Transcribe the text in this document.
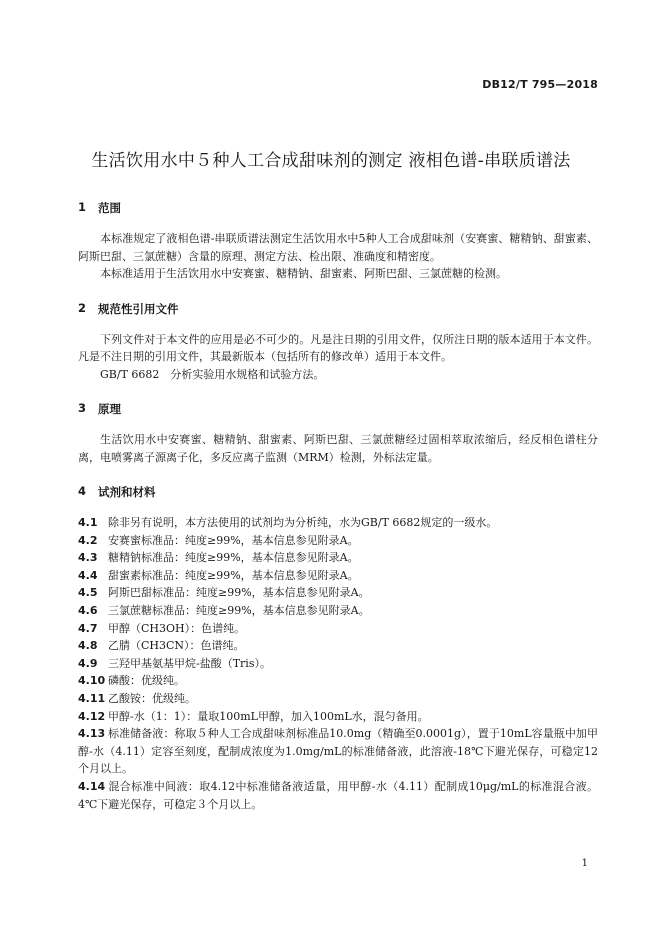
DB12/T 795—2018
生活饮用水中５种人工合成甜味剂的测定 液相色谱-串联质谱法
1	范围

本标准规定了液相色谱-串联质谱法测定生活饮用水中5种人工合成甜味剂（安赛蜜、糖精钠、甜蜜素、阿斯巴甜、三氯蔗糖）含量的原理、测定方法、检出限、准确度和精密度。

本标准适用于生活饮用水中安赛蜜、糖精钠、甜蜜素、阿斯巴甜、三氯蔗糖的检测。

2	规范性引用文件

下列文件对于本文件的应用是必不可少的。凡是注日期的引用文件，仅所注日期的版本适用于本文件。凡是不注日期的引用文件，其最新版本（包括所有的修改单）适用于本文件。

GB/T 6682　分析实验用水规格和试验方法。

3	原理

生活饮用水中安赛蜜、糖精钠、甜蜜素、阿斯巴甜、三氯蔗糖经过固相萃取浓缩后，经反相色谱柱分离，电喷雾离子源离子化，多反应离子监测（MRM）检测，外标法定量。

4	试剂和材料

4.1 除非另有说明，本方法使用的试剂均为分析纯，水为GB/T 6682规定的一级水。

4.2 安赛蜜标准品：纯度≥99%，基本信息参见附录A。

4.3 糖精钠标准品：纯度≥99%，基本信息参见附录A。

4.4 甜蜜素标准品：纯度≥99%，基本信息参见附录A。

4.5 阿斯巴甜标准品：纯度≥99%，基本信息参见附录A。

4.6 三氯蔗糖标准品：纯度≥99%，基本信息参见附录A。

4.7 甲醇（CH3OH）：色谱纯。

4.8 乙腈（CH3CN）：色谱纯。

4.9 三羟甲基氨基甲烷-盐酸（Tris）。

4.10 磷酸：优级纯。

4.11 乙酸铵：优级纯。

4.12 甲醇-水（1：1）：量取100mL甲醇，加入100mL水，混匀备用。

4.13 标准储备液：称取５种人工合成甜味剂标准品10.0mg（精确至0.0001g），置于10mL容量瓶中加甲醇-水（4.11）定容至刻度，配制成浓度为1.0mg/mL的标准储备液，此溶液-18℃下避光保存，可稳定12个月以上。

4.14 混合标准中间液：取4.12中标准储备液适量，用甲醇-水（4.11）配制成10μg/mL的标准混合液。4℃下避光保存，可稳定３个月以上。

1
